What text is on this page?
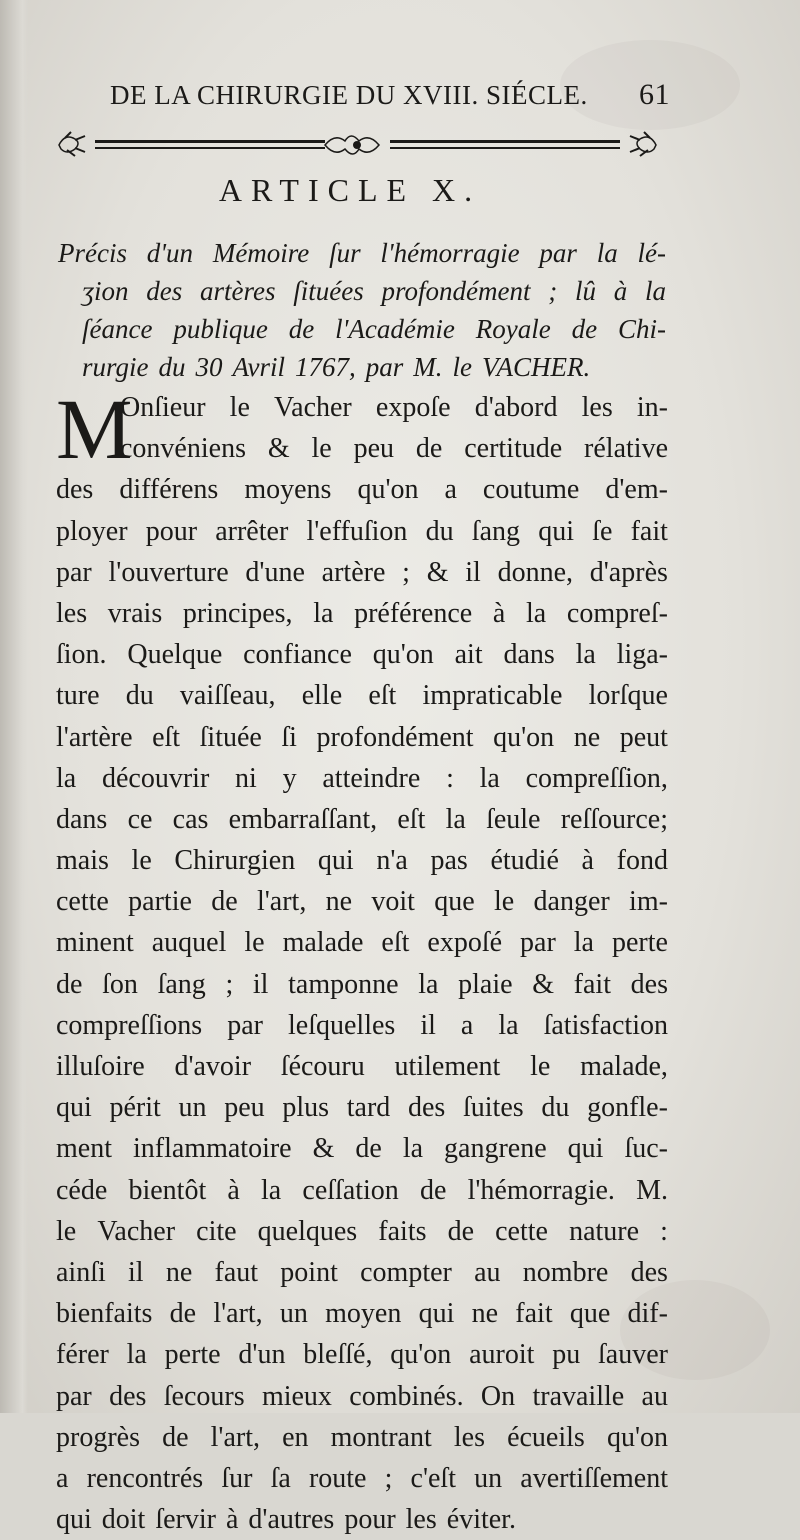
DE LA CHIRURGIE DU XVIII. SIÉCLE. 61
ARTICLE X.
Précis d'un Mémoire ſur l'hémorragie par la lé-
ʒion des artères ſituées profondément ; lû à la
ſéance publique de l'Académie Royale de Chi-
rurgie du 30 Avril 1767, par M. le VACHER.
M
Onſieur le Vacher expoſe d'abord les in-
convéniens & le peu de certitude rélative
des différens moyens qu'on a coutume d'em-
ployer pour arrêter l'effuſion du ſang qui ſe fait
par l'ouverture d'une artère ; & il donne, d'après
les vrais principes, la préférence à la compreſ-
ſion. Quelque confiance qu'on ait dans la liga-
ture du vaiſſeau, elle eſt impraticable lorſque
l'artère eſt ſituée ſi profondément qu'on ne peut
la découvrir ni y atteindre : la compreſſion,
dans ce cas embarraſſant, eſt la ſeule reſſource;
mais le Chirurgien qui n'a pas étudié à fond
cette partie de l'art, ne voit que le danger im-
minent auquel le malade eſt expoſé par la perte
de ſon ſang ; il tamponne la plaie & fait des
compreſſions par leſquelles il a la ſatisfaction
illuſoire d'avoir ſécouru utilement le malade,
qui périt un peu plus tard des ſuites du gonfle-
ment inflammatoire & de la gangrene qui ſuc-
céde bientôt à la ceſſation de l'hémorragie. M.
le Vacher cite quelques faits de cette nature :
ainſi il ne faut point compter au nombre des
bienfaits de l'art, un moyen qui ne fait que dif-
férer la perte d'un bleſſé, qu'on auroit pu ſauver
par des ſecours mieux combinés. On travaille au
progrès de l'art, en montrant les écueils qu'on
a rencontrés ſur ſa route ; c'eſt un avertiſſement
qui doit ſervir à d'autres pour les éviter.
